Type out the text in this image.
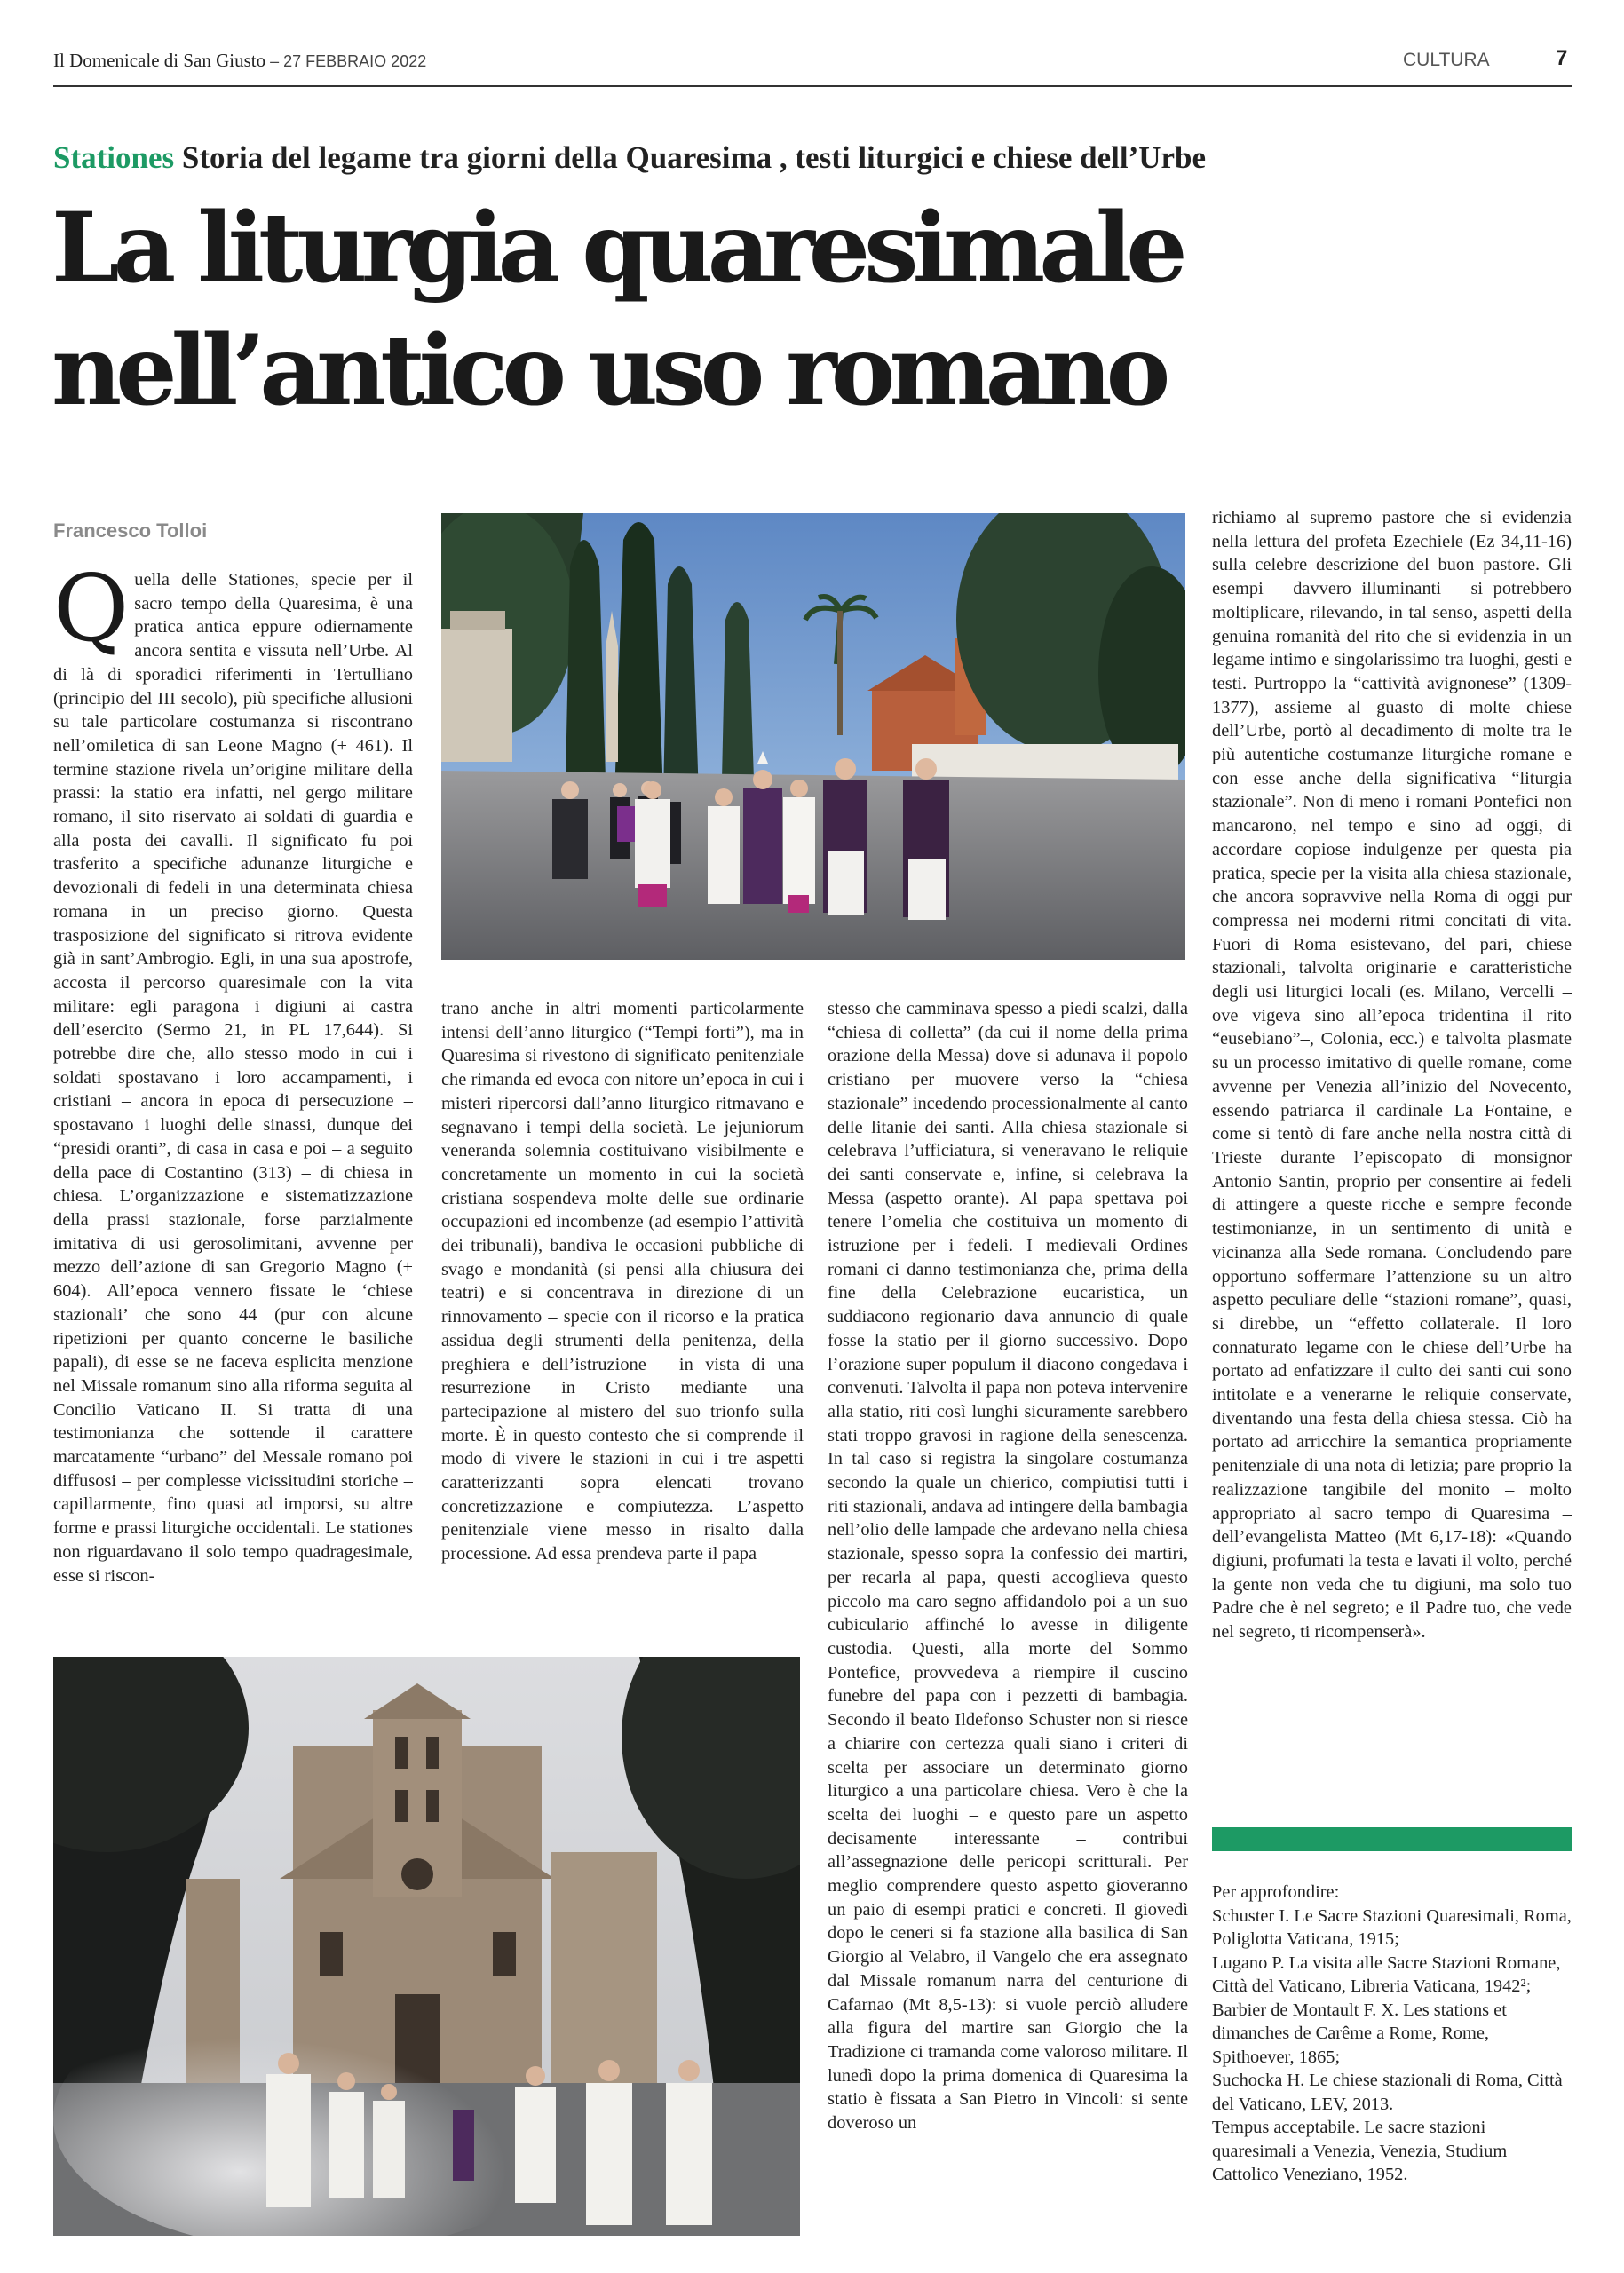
Il Domenicale di San Giusto – 27 FEBBRAIO 2022	CULTURA	7
Stationes Storia del legame tra giorni della Quaresima , testi liturgici e chiese dell’Urbe
La liturgia quaresimale
nell’antico uso romano
Francesco Tolloi
Q uella delle Stationes, specie per il sacro tempo della Quaresima, è una pratica antica eppure odiernamente ancora sentita e vissuta nell’Urbe. Al di là di sporadici riferimenti in Tertulliano (principio del III secolo), più specifiche allusioni su tale particolare costumanza si riscontrano nell’omiletica di san Leone Magno (+ 461). Il termine stazione rivela un’origine militare della prassi: la statio era infatti, nel gergo militare romano, il sito riservato ai soldati di guardia e alla posta dei cavalli. Il significato fu poi trasferito a specifiche adunanze liturgiche e devozionali di fedeli in una determinata chiesa romana in un preciso giorno. Questa trasposizione del significato si ritrova evidente già in sant’Ambrogio. Egli, in una sua apostrofe, accosta il percorso quaresimale con la vita militare: egli paragona i digiuni ai castra dell’esercito (Sermo 21, in PL 17,644). Si potrebbe dire che, allo stesso modo in cui i soldati spostavano i loro accampamenti, i cristiani – ancora in epoca di persecuzione – spostavano i luoghi delle sinassi, dunque dei “presidi oranti”, di casa in casa e poi – a seguito della pace di Costantino (313) – di chiesa in chiesa. L’organizzazione e sistematizzazione della prassi stazionale, forse parzialmente imitativa di usi gerosolimitani, avvenne per mezzo dell’azione di san Gregorio Magno (+ 604). All’epoca vennero fissate le ‘chiese stazionali’ che sono 44 (pur con alcune ripetizioni per quanto concerne le basiliche papali), di esse se ne faceva esplicita menzione nel Missale romanum sino alla riforma seguita al Concilio Vaticano II. Si tratta di una testimonianza che sottende il carattere marcatamente “urbano” del Messale romano poi diffusosi – per complesse vicissitudini storiche – capillarmente, fino quasi ad imporsi, su altre forme e prassi liturgiche occidentali. Le stationes non riguardavano il solo tempo quadragesimale, esse si riscon-

trano anche in altri momenti particolarmente intensi dell’anno liturgico (“Tempi forti”), ma in Quaresima si rivestono di significato penitenziale che rimanda ed evoca con nitore un’epoca in cui i misteri ripercorsi dall’anno liturgico ritmavano e segnavano i tempi della società. Le jejuniorum veneranda solemnia costituivano visibilmente e concretamente un momento in cui la società cristiana sospendeva molte delle sue ordinarie occupazioni ed incombenze (ad esempio l’attività dei tribunali), bandiva le occasioni pubbliche di svago e mondanità (si pensi alla chiusura dei teatri) e si concentrava in direzione di un rinnovamento – specie con il ricorso e la pratica assidua degli strumenti della penitenza, della preghiera e dell’istruzione – in vista di una resurrezione in Cristo mediante una partecipazione al mistero del suo trionfo sulla morte. È in questo contesto che si comprende il modo di vivere le stazioni in cui i tre aspetti caratterizzanti sopra elencati trovano concretizzazione e compiutezza. L’aspetto penitenziale viene messo in risalto dalla processione. Ad essa prendeva parte il papa

stesso che camminava spesso a piedi scalzi, dalla “chiesa di colletta” (da cui il nome della prima orazione della Messa) dove si adunava il popolo cristiano per muovere verso la “chiesa stazionale” incedendo processionalmente al canto delle litanie dei santi. Alla chiesa stazionale si celebrava l’ufficiatura, si veneravano le reliquie dei santi conservate e, infine, si celebrava la Messa (aspetto orante). Al papa spettava poi tenere l’omelia che costituiva un momento di istruzione per i fedeli. I medievali Ordines romani ci danno testimonianza che, prima della fine della Celebrazione eucaristica, un suddiacono regionario dava annuncio di quale fosse la statio per il giorno successivo. Dopo l’orazione super populum il diacono congedava i convenuti. Talvolta il papa non poteva intervenire alla statio, riti così lunghi sicuramente sarebbero stati troppo gravosi in ragione della senescenza. In tal caso si registra la singolare costumanza secondo la quale un chierico, compiutisi tutti i riti stazionali, andava ad intingere della bambagia nell’olio delle lampade che ardevano nella chiesa stazionale, spesso sopra la confessio dei martiri, per recarla al papa, questi accoglieva questo piccolo ma caro segno affidandolo poi a un suo cubiculario affinché lo avesse in diligente custodia. Questi, alla morte del Sommo Pontefice, provvedeva a riempire il cuscino funebre del papa con i pezzetti di bambagia. Secondo il beato Ildefonso Schuster non si riesce a chiarire con certezza quali siano i criteri di scelta per associare un determinato giorno liturgico a una particolare chiesa. Vero è che la scelta dei luoghi – e questo pare un aspetto decisamente interessante – contribui all’assegnazione delle pericopi scritturali. Per meglio comprendere questo aspetto gioveranno un paio di esempi pratici e concreti. Il giovedì dopo le ceneri si fa stazione alla basilica di San Giorgio al Velabro, il Vangelo che era assegnato dal Missale romanum narra del centurione di Cafarnao (Mt 8,5-13): si vuole perciò alludere alla figura del martire san Giorgio che la Tradizione ci tramanda come valoroso militare. Il lunedì dopo la prima domenica di Quaresima la statio è fissata a San Pietro in Vincoli: si sente doveroso un

richiamo al supremo pastore che si evidenzia nella lettura del profeta Ezechiele (Ez 34,11-16) sulla celebre descrizione del buon pastore. Gli esempi – davvero illuminanti – si potrebbero moltiplicare, rilevando, in tal senso, aspetti della genuina romanità del rito che si evidenzia in un legame intimo e singolarissimo tra luoghi, gesti e testi. Purtroppo la “cattività avignonese” (1309-1377), assieme al guasto di molte chiese dell’Urbe, portò al decadimento di molte tra le più autentiche costumanze liturgiche romane e con esse anche della significativa “liturgia stazionale”. Non di meno i romani Pontefici non mancarono, nel tempo e sino ad oggi, di accordare copiose indulgenze per questa pia pratica, specie per la visita alla chiesa stazionale, che ancora sopravvive nella Roma di oggi pur compressa nei moderni ritmi concitati di vita. Fuori di Roma esistevano, del pari, chiese stazionali, talvolta originarie e caratteristiche degli usi liturgici locali (es. Milano, Vercelli – ove vigeva sino all’epoca tridentina il rito “eusebiano”–, Colonia, ecc.) e talvolta plasmate su un processo imitativo di quelle romane, come avvenne per Venezia all’inizio del Novecento, essendo patriarca il cardinale La Fontaine, e come si tentò di fare anche nella nostra città di Trieste durante l’episcopato di monsignor Antonio Santin, proprio per consentire ai fedeli di attingere a queste ricche e sempre feconde testimonianze, in un sentimento di unità e vicinanza alla Sede romana. Concludendo pare opportuno soffermare l’attenzione su un altro aspetto peculiare delle “stazioni romane”, quasi, si direbbe, un “effetto collaterale. Il loro connaturato legame con le chiese dell’Urbe ha portato ad enfatizzare il culto dei santi cui sono intitolate e a venerarne le reliquie conservate, diventando una festa della chiesa stessa. Ciò ha portato ad arricchire la semantica propriamente penitenziale di una nota di letizia; pare proprio la realizzazione tangibile del monito – molto appropriato al sacro tempo di Quaresima – dell’evangelista Matteo (Mt 6,17-18): «Quando digiuni, profumati la testa e lavati il volto, perché la gente non veda che tu digiuni, ma solo tuo Padre che è nel segreto; e il Padre tuo, che vede nel segreto, ti ricompenserà».

Per approfondire:
Schuster I. Le Sacre Stazioni Quaresimali, Roma, Poliglotta Vaticana, 1915;
Lugano P. La visita alle Sacre Stazioni Romane, Città del Vaticano, Libreria Vaticana, 1942²;
Barbier de Montault F. X. Les stations et dimanches de Carême a Rome, Rome, Spithoever, 1865;
Suchocka H. Le chiese stazionali di Roma, Città del Vaticano, LEV, 2013.
Tempus acceptabile. Le sacre stazioni quaresimali a Venezia, Venezia, Studium Cattolico Veneziano, 1952.
